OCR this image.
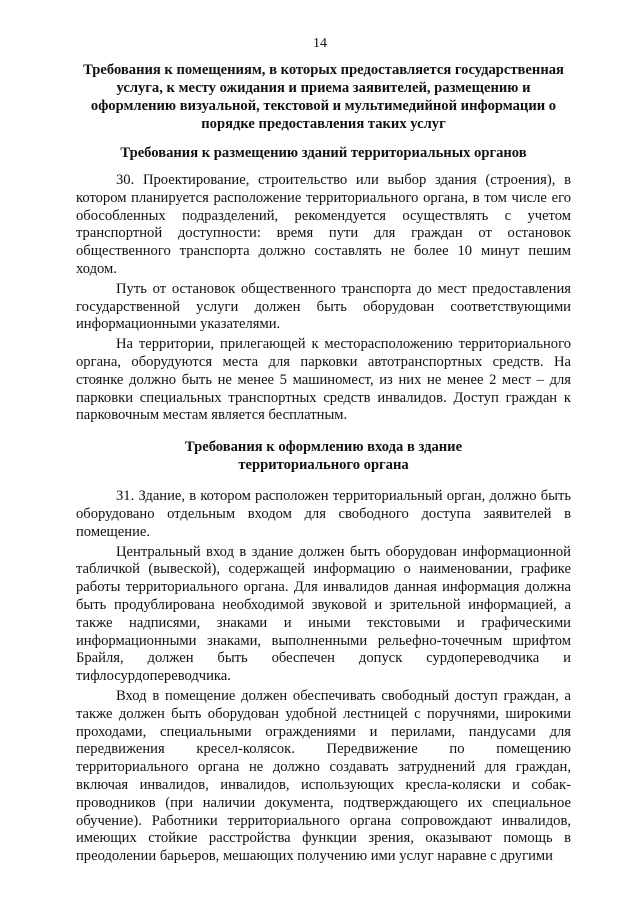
14
Требования к помещениям, в которых предоставляется государственная услуга, к месту ожидания и приема заявителей, размещению и оформлению визуальной, текстовой и мультимедийной информации о порядке предоставления таких услуг
Требования к размещению зданий территориальных органов

30. Проектирование, строительство или выбор здания (строения), в котором планируется расположение территориального органа, в том числе его обособленных подразделений, рекомендуется осуществлять с учетом транспортной доступности: время пути для граждан от остановок общественного транспорта должно составлять не более 10 минут пешим ходом.

Путь от остановок общественного транспорта до мест предоставления государственной услуги должен быть оборудован соответствующими информационными указателями.

На территории, прилегающей к месторасположению территориального органа, оборудуются места для парковки автотранспортных средств. На стоянке должно быть не менее 5 машиномест, из них не менее 2 мест – для парковки специальных транспортных средств инвалидов. Доступ граждан к парковочным местам является бесплатным.

Требования к оформлению входа в здание
территориального органа

31. Здание, в котором расположен территориальный орган, должно быть оборудовано отдельным входом для свободного доступа заявителей в помещение.

Центральный вход в здание должен быть оборудован информационной табличкой (вывеской), содержащей информацию о наименовании, графике работы территориального органа. Для инвалидов данная информация должна быть продублирована необходимой звуковой и зрительной информацией, а также надписями, знаками и иными текстовыми и графическими информационными знаками, выполненными рельефно-точечным шрифтом Брайля, должен быть обеспечен допуск сурдопереводчика и тифлосурдопереводчика.

Вход в помещение должен обеспечивать свободный доступ граждан, а также должен быть оборудован удобной лестницей с поручнями, широкими проходами, специальными ограждениями и перилами, пандусами для передвижения кресел-колясок. Передвижение по помещению территориального органа не должно создавать затруднений для граждан, включая инвалидов, инвалидов, использующих кресла-коляски и собак-проводников (при наличии документа, подтверждающего их специальное обучение). Работники территориального органа сопровождают инвалидов, имеющих стойкие расстройства функции зрения, оказывают помощь в преодолении барьеров, мешающих получению ими услуг наравне с другими
